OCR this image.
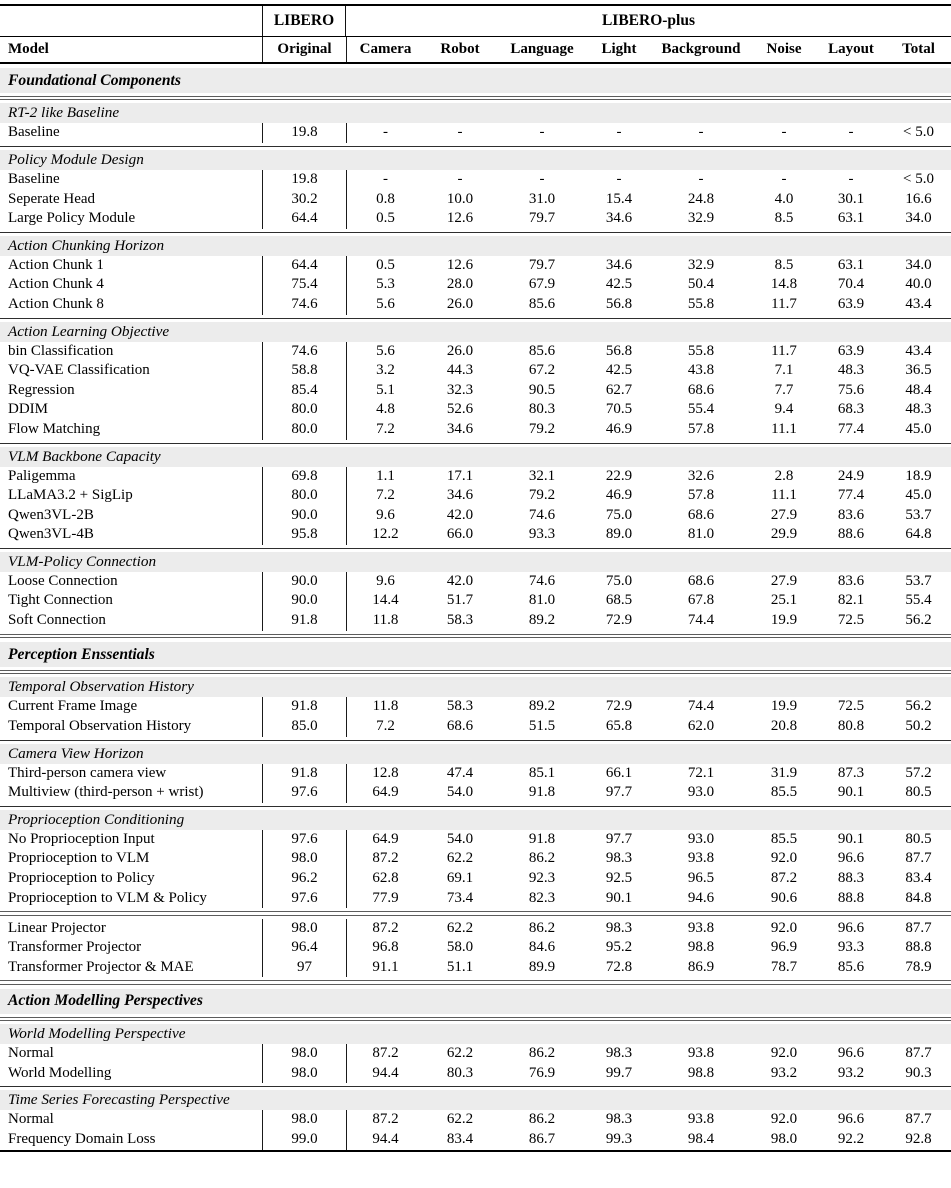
LIBERO	LIBERO-plus
Model	Original	Camera	Robot	Language	Light	Background	Noise	Layout	Total
Foundational Components
RT-2 like Baseline
Baseline	19.8	-	-	-	-	-	-	-	< 5.0
Policy Module Design
Baseline	19.8	-	-	-	-	-	-	-	< 5.0
Seperate Head	30.2	0.8	10.0	31.0	15.4	24.8	4.0	30.1	16.6
Large Policy Module	64.4	0.5	12.6	79.7	34.6	32.9	8.5	63.1	34.0
Action Chunking Horizon
Action Chunk 1	64.4	0.5	12.6	79.7	34.6	32.9	8.5	63.1	34.0
Action Chunk 4	75.4	5.3	28.0	67.9	42.5	50.4	14.8	70.4	40.0
Action Chunk 8	74.6	5.6	26.0	85.6	56.8	55.8	11.7	63.9	43.4
Action Learning Objective
bin Classification	74.6	5.6	26.0	85.6	56.8	55.8	11.7	63.9	43.4
VQ-VAE Classification	58.8	3.2	44.3	67.2	42.5	43.8	7.1	48.3	36.5
Regression	85.4	5.1	32.3	90.5	62.7	68.6	7.7	75.6	48.4
DDIM	80.0	4.8	52.6	80.3	70.5	55.4	9.4	68.3	48.3
Flow Matching	80.0	7.2	34.6	79.2	46.9	57.8	11.1	77.4	45.0
VLM Backbone Capacity
Paligemma	69.8	1.1	17.1	32.1	22.9	32.6	2.8	24.9	18.9
LLaMA3.2 + SigLip	80.0	7.2	34.6	79.2	46.9	57.8	11.1	77.4	45.0
Qwen3VL-2B	90.0	9.6	42.0	74.6	75.0	68.6	27.9	83.6	53.7
Qwen3VL-4B	95.8	12.2	66.0	93.3	89.0	81.0	29.9	88.6	64.8
VLM-Policy Connection
Loose Connection	90.0	9.6	42.0	74.6	75.0	68.6	27.9	83.6	53.7
Tight Connection	90.0	14.4	51.7	81.0	68.5	67.8	25.1	82.1	55.4
Soft Connection	91.8	11.8	58.3	89.2	72.9	74.4	19.9	72.5	56.2
Perception Enssentials
Temporal Observation History
Current Frame Image	91.8	11.8	58.3	89.2	72.9	74.4	19.9	72.5	56.2
Temporal Observation History	85.0	7.2	68.6	51.5	65.8	62.0	20.8	80.8	50.2
Camera View Horizon
Third-person camera view	91.8	12.8	47.4	85.1	66.1	72.1	31.9	87.3	57.2
Multiview (third-person + wrist)	97.6	64.9	54.0	91.8	97.7	93.0	85.5	90.1	80.5
Proprioception Conditioning
No Proprioception Input	97.6	64.9	54.0	91.8	97.7	93.0	85.5	90.1	80.5
Proprioception to VLM	98.0	87.2	62.2	86.2	98.3	93.8	92.0	96.6	87.7
Proprioception to Policy	96.2	62.8	69.1	92.3	92.5	96.5	87.2	88.3	83.4
Proprioception to VLM & Policy	97.6	77.9	73.4	82.3	90.1	94.6	90.6	88.8	84.8
Linear Projector	98.0	87.2	62.2	86.2	98.3	93.8	92.0	96.6	87.7
Transformer Projector	96.4	96.8	58.0	84.6	95.2	98.8	96.9	93.3	88.8
Transformer Projector & MAE	97	91.1	51.1	89.9	72.8	86.9	78.7	85.6	78.9
Action Modelling Perspectives
World Modelling Perspective
Normal	98.0	87.2	62.2	86.2	98.3	93.8	92.0	96.6	87.7
World Modelling	98.0	94.4	80.3	76.9	99.7	98.8	93.2	93.2	90.3
Time Series Forecasting Perspective
Normal	98.0	87.2	62.2	86.2	98.3	93.8	92.0	96.6	87.7
Frequency Domain Loss	99.0	94.4	83.4	86.7	99.3	98.4	98.0	92.2	92.8
